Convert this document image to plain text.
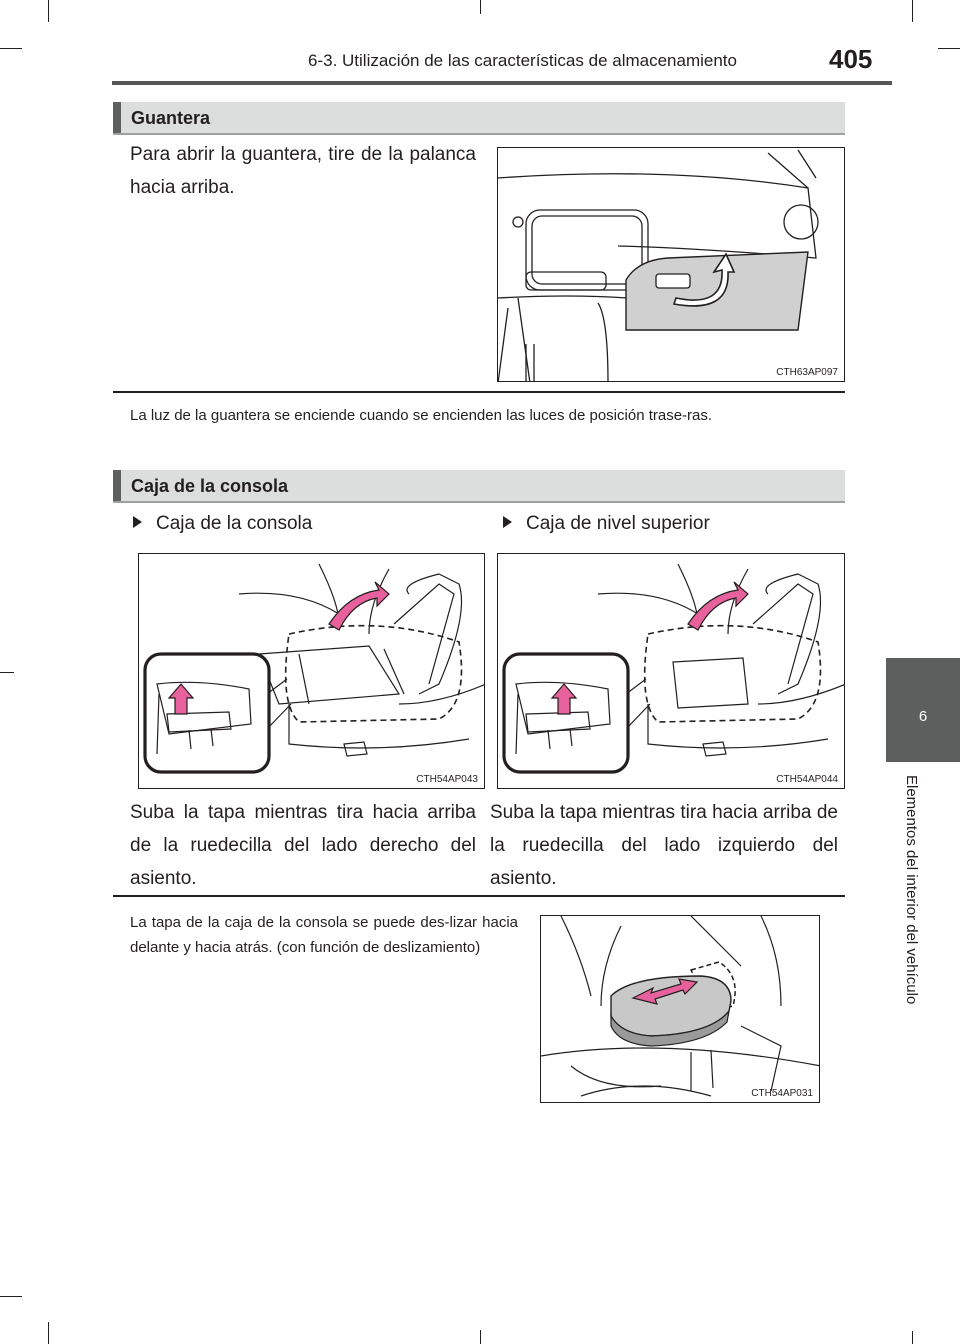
6-3. Utilización de las características de almacenamiento	405
6
Elementos del interior del vehículo
Guantera
Para abrir la guantera, tire de la palanca hacia arriba.
CTH63AP097
La luz de la guantera se enciende cuando se encienden las luces de posición trase-ras.
Caja de la consola
Caja de la consola	Caja de nivel superior
CTH54AP043	CTH54AP044
Suba la tapa mientras tira hacia arriba de la ruedecilla del lado derecho del asiento.
Suba la tapa mientras tira hacia arriba de la ruedecilla del lado izquierdo del asiento.
La tapa de la caja de la consola se puede des-lizar hacia delante y hacia atrás. (con función de deslizamiento)
CTH54AP031
carmanualsonline.info
